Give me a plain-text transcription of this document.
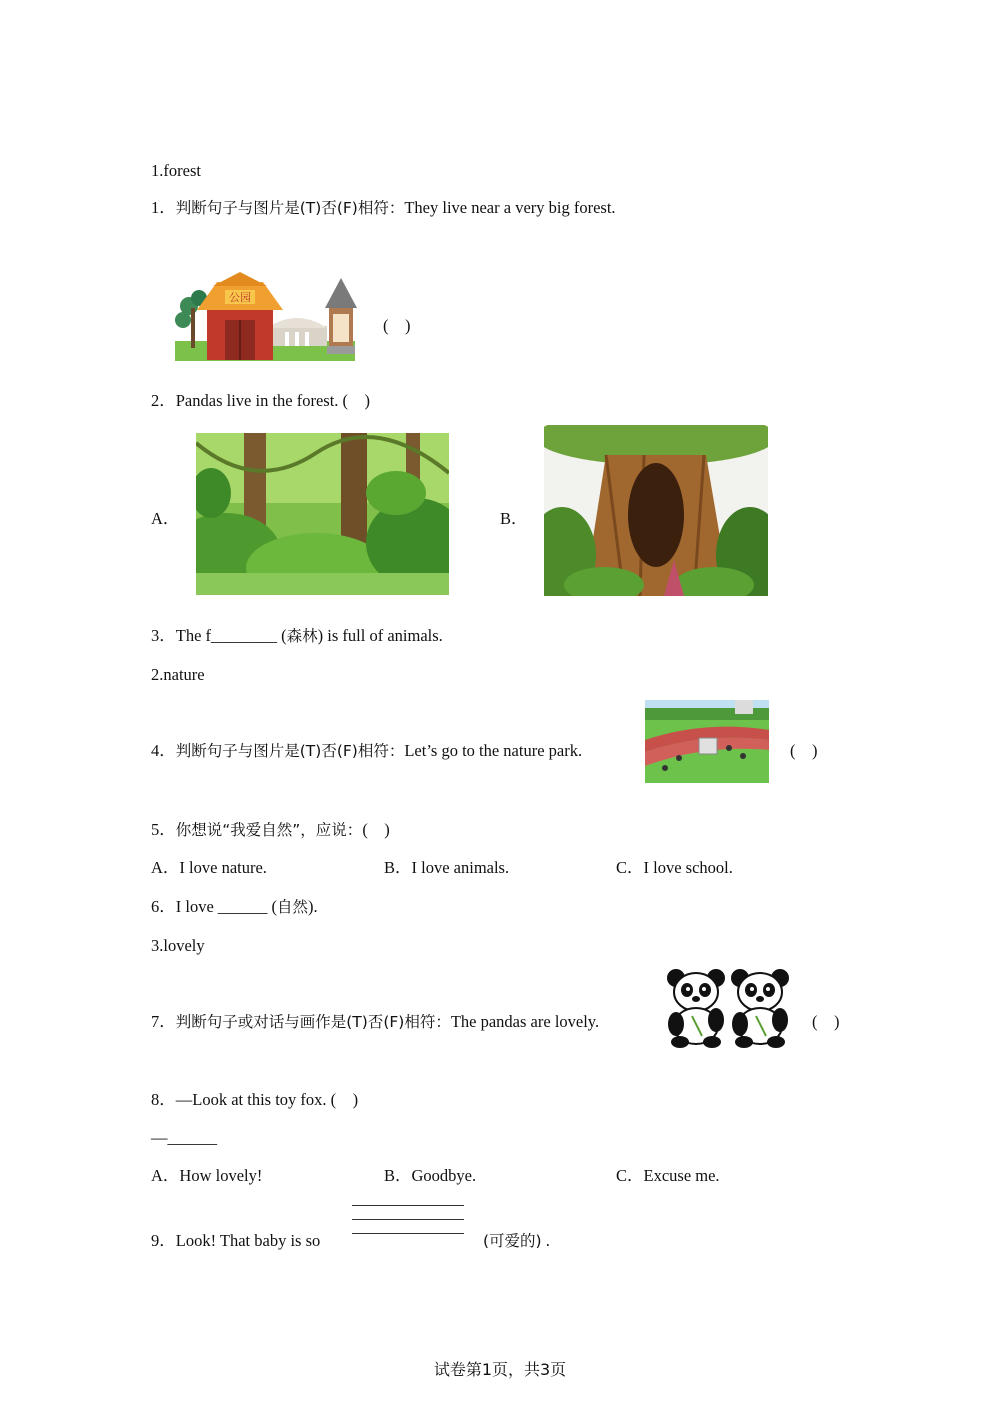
1.forest
1．判断句子与图片是(T)否(F)相符：They live near a very big forest.
公园
(　)
2．Pandas live in the forest. (　)
A．	B．
3．The f________ (森林) is full of animals.
2.nature
4．判断句子与图片是(T)否(F)相符：Let’s go to the nature park.	(　)
5．你想说“我爱自然”，应说：(　)
A．I love nature.	B．I love animals.	C．I love school.
6．I love ______ (自然).
3.lovely
7．判断句子或对话与画作是(T)否(F)相符：The pandas are lovely.	(　)
8．—Look at this toy fox. (　)
—______
A．How lovely!	B．Goodbye.	C．Excuse me.
9．Look! That baby is so	(可爱的) .
试卷第1页，共3页
